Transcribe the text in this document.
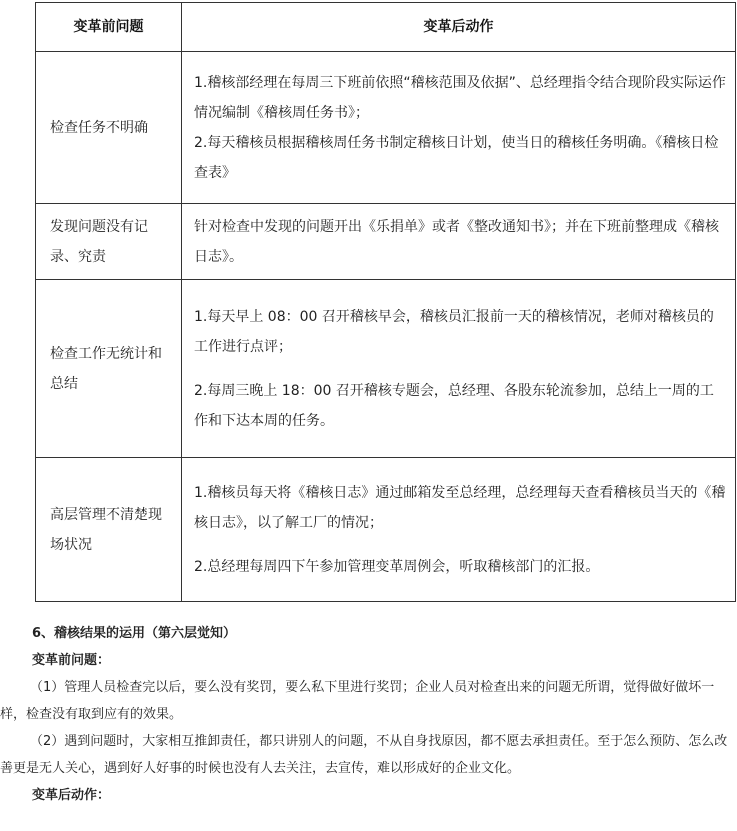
变革前问题	变革后动作
检查任务不明确	1.稽核部经理在每周三下班前依照“稽核范围及依据”、总经理指令结合现阶段实际运作情况编制《稽核周任务书》；

2.每天稽核员根据稽核周任务书制定稽核日计划，使当日的稽核任务明确。《稽核日检查表》

发现问题没有记录、究责	针对检查中发现的问题开出《乐捐单》或者《整改通知书》；并在下班前整理成《稽核日志》。

检查工作无统计和总结	1.每天早上 08：00 召开稽核早会，稽核员汇报前一天的稽核情况，老师对稽核员的工作进行点评；

2.每周三晚上 18：00 召开稽核专题会，总经理、各股东轮流参加，总结上一周的工作和下达本周的任务。

高层管理不清楚现场状况	1.稽核员每天将《稽核日志》通过邮箱发至总经理，总经理每天查看稽核员当天的《稽核日志》，以了解工厂的情况；

2.总经理每周四下午参加管理变革周例会，听取稽核部门的汇报。

6、稽核结果的运用（第六层觉知）

变革前问题：

（1）管理人员检查完以后，要么没有奖罚，要么私下里进行奖罚；企业人员对检查出来的问题无所谓，觉得做好做坏一样，检查没有取到应有的效果。

（2）遇到问题时，大家相互推卸责任，都只讲别人的问题，不从自身找原因，都不愿去承担责任。至于怎么预防、怎么改善更是无人关心，遇到好人好事的时候也没有人去关注，去宣传，难以形成好的企业文化。

变革后动作：
